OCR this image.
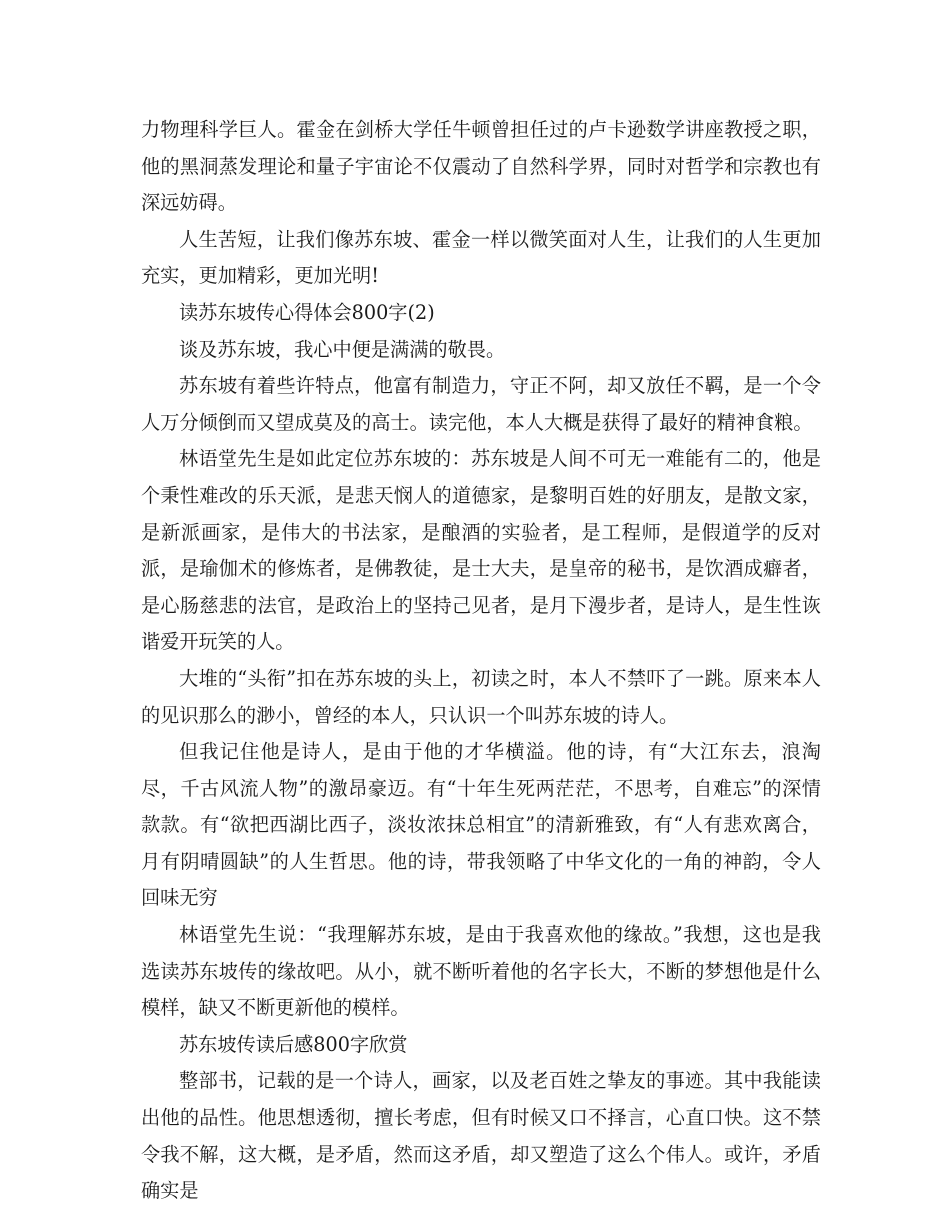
力物理科学巨人。霍金在剑桥大学任牛顿曾担任过的卢卡逊数学讲座教授之职，他的黑洞蒸发理论和量子宇宙论不仅震动了自然科学界，同时对哲学和宗教也有深远妨碍。

人生苦短，让我们像苏东坡、霍金一样以微笑面对人生，让我们的人生更加充实，更加精彩，更加光明!

读苏东坡传心得体会800字(2)

谈及苏东坡，我心中便是满满的敬畏。

苏东坡有着些许特点，他富有制造力，守正不阿，却又放任不羁，是一个令人万分倾倒而又望成莫及的高士。读完他，本人大概是获得了最好的精神食粮。

林语堂先生是如此定位苏东坡的：苏东坡是人间不可无一难能有二的，他是个秉性难改的乐天派，是悲天悯人的道德家，是黎明百姓的好朋友，是散文家，是新派画家，是伟大的书法家，是酿酒的实验者，是工程师，是假道学的反对派，是瑜伽术的修炼者，是佛教徒，是士大夫，是皇帝的秘书，是饮酒成癖者，是心肠慈悲的法官，是政治上的坚持己见者，是月下漫步者，是诗人，是生性诙谐爱开玩笑的人。

大堆的“头衔”扣在苏东坡的头上，初读之时，本人不禁吓了一跳。原来本人的见识那么的渺小，曾经的本人，只认识一个叫苏东坡的诗人。

但我记住他是诗人，是由于他的才华横溢。他的诗，有“大江东去，浪淘尽，千古风流人物”的激昂豪迈。有“十年生死两茫茫，不思考，自难忘”的深情款款。有“欲把西湖比西子，淡妆浓抹总相宜”的清新雅致，有“人有悲欢离合，月有阴晴圆缺”的人生哲思。他的诗，带我领略了中华文化的一角的神韵，令人回味无穷

林语堂先生说：“我理解苏东坡，是由于我喜欢他的缘故。”我想，这也是我选读苏东坡传的缘故吧。从小，就不断听着他的名字长大，不断的梦想他是什么模样，缺又不断更新他的模样。

苏东坡传读后感800字欣赏

整部书，记载的是一个诗人，画家，以及老百姓之挚友的事迹。其中我能读出他的品性。他思想透彻，擅长考虑，但有时候又口不择言，心直口快。这不禁令我不解，这大概，是矛盾，然而这矛盾，却又塑造了这么个伟人。或许，矛盾确实是
